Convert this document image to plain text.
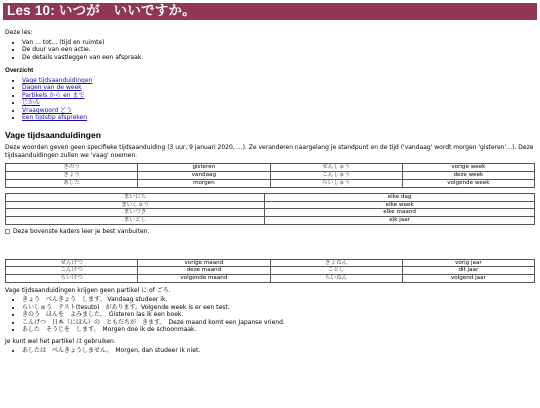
Les 10: いつが　いいですか。

Deze les:

• Van … tot… (tijd en ruimte)
• De duur van een actie.
• De details vastleggen van een afspraak.
Overzicht
• Vage tijdsaanduidingen
• Dagen van de week
• Partikels から en まで
• じかん
• Vraagwoord どう
• Een tijdstip afspreken
Vage tijdsaanduidingen

Deze woorden geven geen specifieke tijdsaanduiding (3 uur, 9 januari 2020, …). Ze veranderen naargelang je standpunt en de tijd ('vandaag' wordt morgen 'gisteren'…). Deze tijdsaanduidingen zullen we 'vaag' noemen.

きのう	gisteren	せんしゅう	vorige week
きょう	vandaag	こんしゅう	deze week
あした	morgen	らいしゅう	volgende week
まいにち	elke dag
まいしゅう	elke week
まいつき	elke maand
まいとし	elk jaar
Deze bovenste kaders leer je best vanbuiten.
せんげつ	vorige maand	きょねん	vorig jaar
こんげつ	deze maand	ことし	dit jaar
らいげつ	volgende maand	らいねん	volgend jaar

Vage tijdsaanduidingen krijgen geen partikel に of ごろ.

• きょう　べんきょう　します。 Vandaag studeer ik.
• らいしゅう　テスト(tesuto)　があります。Volgende week is er een test.
• きのう　ほんを　よみました。　Gisteren las ik een boek.
• こんげつ　日本（にほん）の　ともだちが　きます。　Deze maand komt een Japanse vriend.
• あした　そうじを　します。　Morgen doe ik de schoonmaak.

Je kunt wel het partikel は gebruiken.

• あしたは　べんきょうしません。　Morgen, dan studeer ik niet.
